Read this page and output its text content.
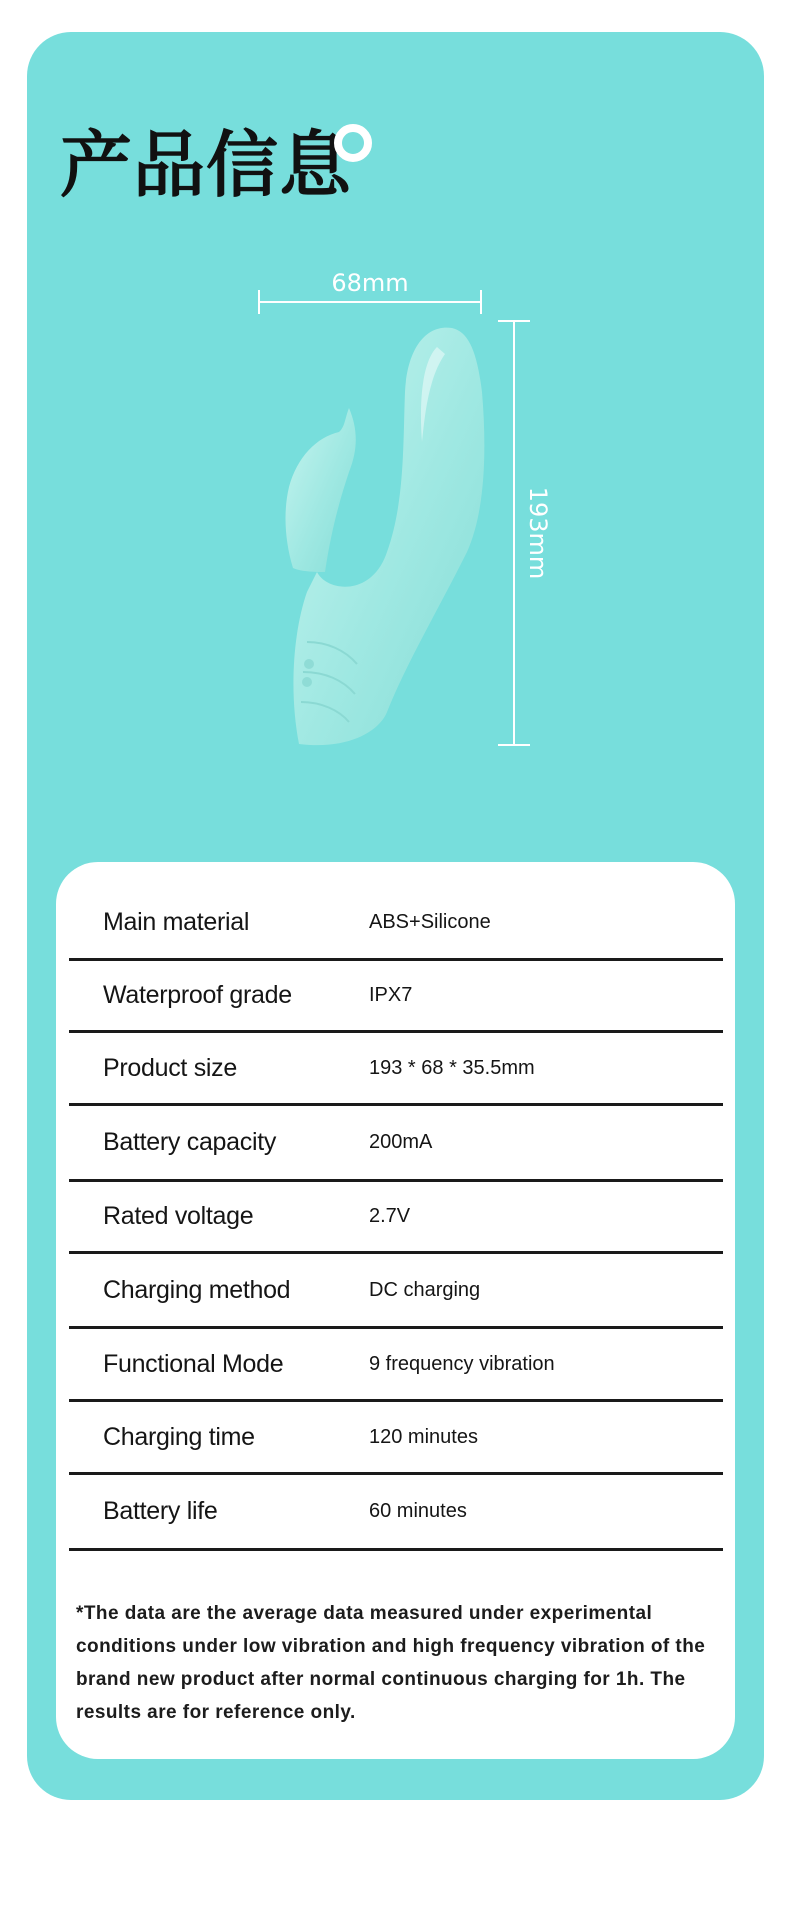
产品信息
68mm
193mm
Main material	ABS+Silicone
Waterproof grade	IPX7
Product size	193 * 68 * 35.5mm
Battery capacity	200mA
Rated voltage	2.7V
Charging method	DC charging
Functional Mode	9 frequency vibration
Charging time	120 minutes
Battery life	60 minutes

*The data are the average data measured under experimental conditions under low vibration and high frequency vibration of the brand new product after normal continuous charging for 1h. The results are for reference only.
